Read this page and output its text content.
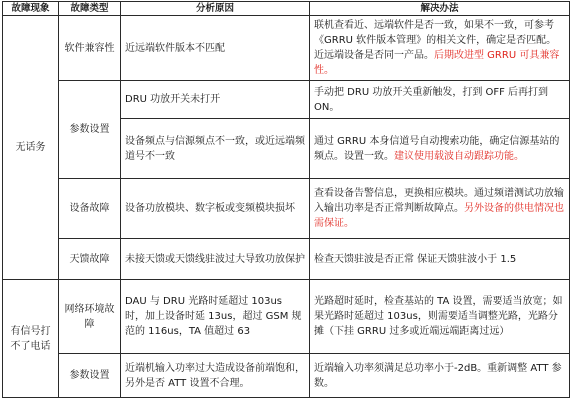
故障现象	故障类型	分析原因	解决办法
无话务	软件兼容性	近远端软件版本不匹配	联机查看近、远端软件是否一致，如果不一致，可参考《GRRU 软件版本管理》的相关文件，确定是否匹配。近远端设备是否同一产品。后期改进型 GRRU 可具兼容性。
	参数设置	DRU 功放开关未打开	手动把 DRU 功放开关重新触发，打到 OFF 后再打到 ON。
		设备频点与信源频点不一致，或近远端频道号不一致	通过 GRRU 本身信道号自动搜索功能，确定信源基站的频点。设置一致。建议使用载波自动跟踪功能。
	设备故障	设备功放模块、数字板或变频模块损坏	查看设备告警信息，更换相应模块。通过频谱测试功放输入输出功率是否正常判断故障点。另外设备的供电情况也需保证。
	天馈故障	未接天馈或天馈线驻波过大导致功放保护	检查天馈驻波是否正常 保证天馈驻波小于 1.5
有信号打不了电话	网络环境故障	DAU 与 DRU 光路时延超过 103us 时，加上设备时延 13us，超过 GSM 规范的 116us，TA 值超过 63	光路超时延时，检查基站的 TA 设置，需要适当放宽；如果光路时延超过 103us，则需要适当调整光路，光路分摊（下挂 GRRU 过多或近端远端距离过远）
	参数设置	近端机输入功率过大造成设备前端饱和，另外是否 ATT 设置不合理。	近端输入功率须满足总功率小于-2dB。重新调整 ATT 参数。
